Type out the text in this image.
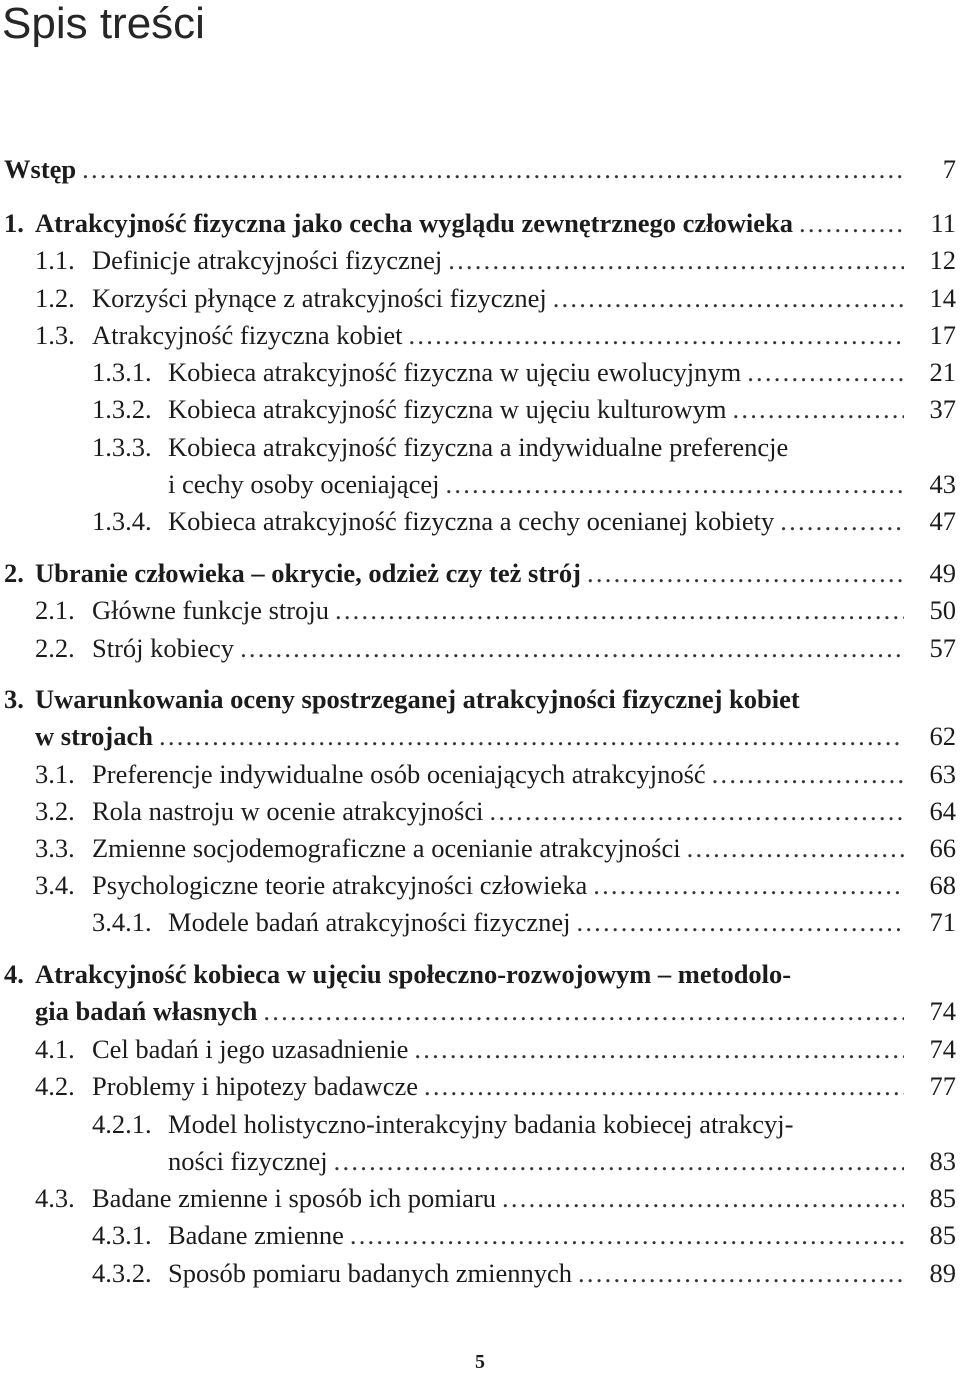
Spis treści
Wstęp . . .	7
1. Atrakcyjność fizyczna jako cecha wyglądu zewnętrznego człowieka . . .	11
1.1. Definicje atrakcyjności fizycznej . . .	12
1.2. Korzyści płynące z atrakcyjności fizycznej . . .	14
1.3. Atrakcyjność fizyczna kobiet . . .	17
1.3.1. Kobieca atrakcyjność fizyczna w ujęciu ewolucyjnym . . .	21
1.3.2. Kobieca atrakcyjność fizyczna w ujęciu kulturowym . . .	37
1.3.3. Kobieca atrakcyjność fizyczna a indywidualne preferencje
i cechy osoby oceniającej . . .	43
1.3.4. Kobieca atrakcyjność fizyczna a cechy ocenianej kobiety . . .	47
2. Ubranie człowieka – okrycie, odzież czy też strój . . .	49
2.1. Główne funkcje stroju . . .	50
2.2. Strój kobiecy . . .	57
3. Uwarunkowania oceny spostrzeganej atrakcyjności fizycznej kobiet
w strojach . . .	62
3.1. Preferencje indywidualne osób oceniających atrakcyjność . . .	63
3.2. Rola nastroju w ocenie atrakcyjności . . .	64
3.3. Zmienne socjodemograficzne a ocenianie atrakcyjności . . .	66
3.4. Psychologiczne teorie atrakcyjności człowieka . . .	68
3.4.1. Modele badań atrakcyjności fizycznej . . .	71
4. Atrakcyjność kobieca w ujęciu społeczno-rozwojowym – metodolo-
gia badań własnych . . .	74
4.1. Cel badań i jego uzasadnienie . . .	74
4.2. Problemy i hipotezy badawcze . . .	77
4.2.1. Model holistyczno-interakcyjny badania kobiecej atrakcyj-
ności fizycznej . . .	83
4.3. Badane zmienne i sposób ich pomiaru . . .	85
4.3.1. Badane zmienne . . .	85
4.3.2. Sposób pomiaru badanych zmiennych . . .	89
5
